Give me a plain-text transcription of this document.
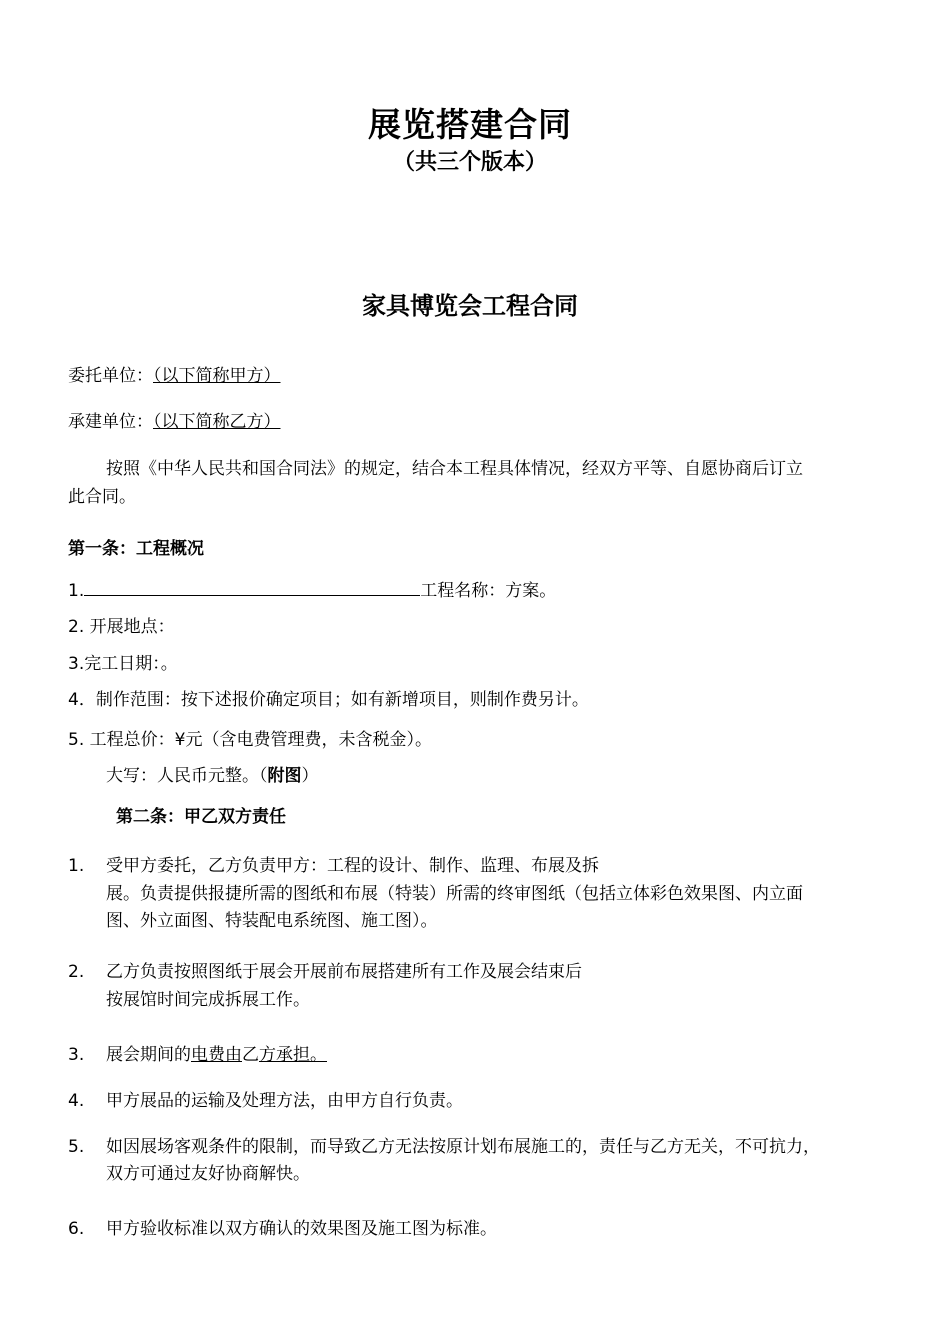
展览搭建合同
（共三个版本）
家具博览会工程合同
委托单位：（以下简称甲方）
承建单位：（以下简称乙方）
按照《中华人民共和国合同法》的规定，结合本工程具体情况，经双方平等、自愿协商后订立
此合同。
第一条：工程概况
1.	工程名称：方案。
2. 开展地点：
3.完工日期：。
4．制作范围：按下述报价确定项目；如有新增项目，则制作费另计。
5. 工程总价：¥元（含电费管理费，未含税金）。
大写：人民币元整。（附图）
第二条：甲乙双方责任
1. 受甲方委托，乙方负责甲方：工程的设计、制作、监理、布展及拆
展。负责提供报捷所需的图纸和布展（特装）所需的终审图纸（包括立体彩色效果图、内立面
图、外立面图、特装配电系统图、施工图）。
2. 乙方负责按照图纸于展会开展前布展搭建所有工作及展会结束后
按展馆时间完成拆展工作。
3. 展会期间的电费由乙方承担。
4. 甲方展品的运输及处理方法，由甲方自行负责。
5. 如因展场客观条件的限制，而导致乙方无法按原计划布展施工的，责任与乙方无关，不可抗力，
双方可通过友好协商解快。
6. 甲方验收标准以双方确认的效果图及施工图为标准。
